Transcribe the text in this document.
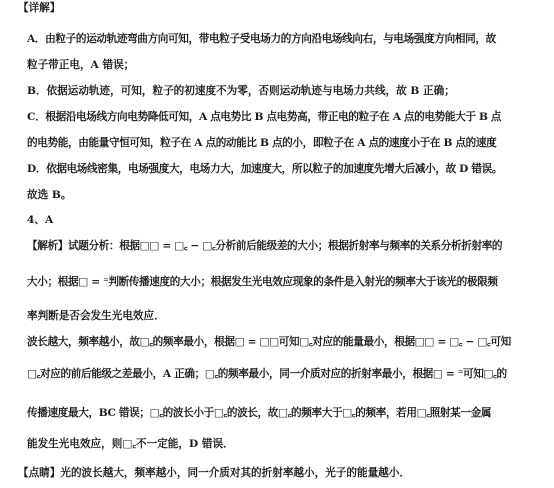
【详解】
A．由粒子的运动轨迹弯曲方向可知，带电粒子受电场力的方向沿电场线向右，与电场强度方向相同，故
粒子带正电，A 错误；
B．依据运动轨迹，可知，粒子的初速度不为零，否则运动轨迹与电场力共线，故 B 正确；
C．根据沿电场线方向电势降低可知，A 点电势比 B 点电势高，带正电的粒子在 A 点的电势能大于 B 点
的电势能，由能量守恒可知，粒子在 A 点的动能比 B 点的小，即粒子在 A 点的速度小于在 B 点的速度
D．依据电场线密集，电场强度大，电场力大，加速度大，所以粒子的加速度先增大后减小，故 D 错误。
故选 B。
4、A
【解析】试题分析：根据□□ = □꜀ − □꜀分析前后能级差的大小；根据折射率与频率的关系分析折射率的
大小；根据□ = ⁼判断传播速度的大小；根据发生光电效应现象的条件是入射光的频率大于该光的极限频
率判断是否会发生光电效应．
波长越大，频率越小，故□꜀的频率最小，根据□ = □□可知□꜀对应的能量最小，根据□□ = □꜀ − □꜀可知
□꜀对应的前后能级之差最小，A 正确；□꜀的频率最小，同一介质对应的折射率最小，根据□ = ⁼可知□꜀的
传播速度最大，BC 错误；□꜀的波长小于□꜀的波长，故□꜀的频率大于□꜀的频率，若用□꜀照射某一金属
能发生光电效应，则□꜀不一定能，D 错误．
【点睛】光的波长越大，频率越小，同一介质对其的折射率越小，光子的能量越小．
